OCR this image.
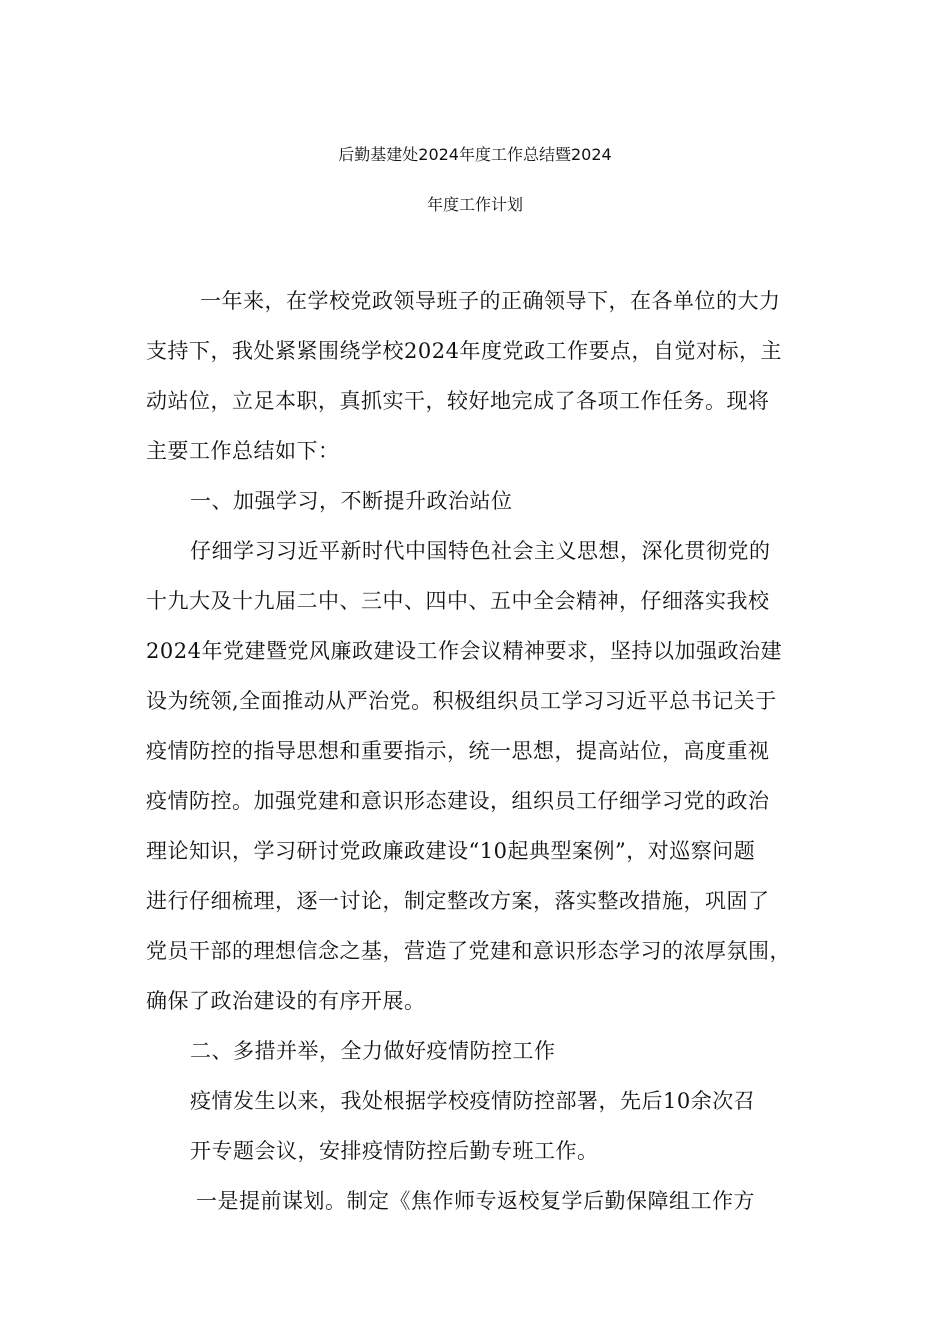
后勤基建处2024年度工作总结暨2024
年度工作计划

一年来，在学校党政领导班子的正确领导下，在各单位的大力

支持下，我处紧紧围绕学校2024年度党政工作要点，自觉对标，主

动站位，立足本职，真抓实干，较好地完成了各项工作任务。现将

主要工作总结如下：

一、加强学习，不断提升政治站位

仔细学习习近平新时代中国特色社会主义思想，深化贯彻党的

十九大及十九届二中、三中、四中、五中全会精神，仔细落实我校

2024年党建暨党风廉政建设工作会议精神要求，坚持以加强政治建

设为统领,全面推动从严治党。积极组织员工学习习近平总书记关于

疫情防控的指导思想和重要指示，统一思想，提高站位，高度重视

疫情防控。加强党建和意识形态建设，组织员工仔细学习党的政治

理论知识，学习研讨党政廉政建设“10起典型案例”，对巡察问题

进行仔细梳理，逐一讨论，制定整改方案，落实整改措施，巩固了

党员干部的理想信念之基，营造了党建和意识形态学习的浓厚氛围，

确保了政治建设的有序开展。

二、多措并举，全力做好疫情防控工作

疫情发生以来，我处根据学校疫情防控部署，先后10余次召

开专题会议，安排疫情防控后勤专班工作。

一是提前谋划。制定《焦作师专返校复学后勤保障组工作方
